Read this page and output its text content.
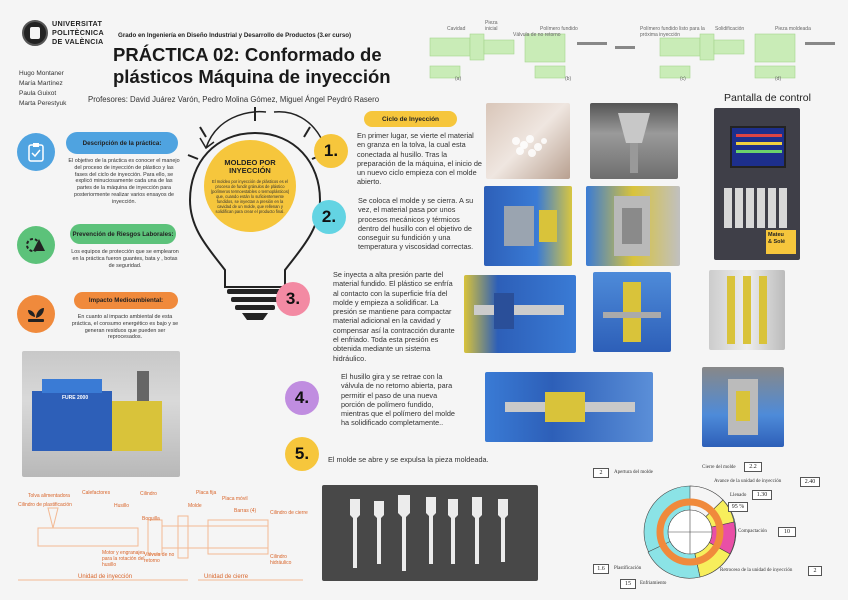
UNIVERSITAT
POLITÈCNICA
DE VALÈNCIA
Grado en Ingeniería en Diseño Industrial y Desarrollo de Productos (3.er curso)
PRÁCTICA 02: Conformado de plásticos Máquina de inyección
Hugo Montaner
María Martínez
Paula Guixot
Marta Perestyuk	Profesores: David Juárez Varón, Pedro Molina Gómez, Miguel Ángel Peydró Rasero
Cavidad
Pieza inicial
Válvula de no retorno
Polímero fundido	Polímero fundido listo para la próxima inyección
Solidificación	Pieza moldeada
(a)	(b)	(c)	(d)
Descripción de la práctica:
El objetivo de la práctica es conocer el manejo del proceso de inyección de plástico y las fases del ciclo de inyección. Para ello, se explicó minuciosamente cada una de las partes de la máquina de inyección para posteriormente realizar varios ensayos de inyección.
Prevención de Riesgos Laborales:
Los equipos de protección que se emplearon en la práctica fueron guantes, bata y , botas de seguridad.
Impacto Medioambiental:
En cuanto al impacto ambiental de esta práctica, el consumo energético es bajo y se generan residuos que pueden ser reprocesados.
MOLDEO POR INYECCIÓN
El moldeo por inyección de plásticos es el proceso de fundir gránulos de plástico (polímeros termoestables o termoplásticos) que, cuando están lo suficientemente fundidos, se inyectan a presión en la cavidad de un molde, que rellenan y solidifican para crear el producto final.
Ciclo de Inyección
1.
En primer lugar, se vierte el material en granza en la tolva, la cual esta conectada al husillo. Tras la preparación de la máquina, el inicio de un nuevo ciclo empieza con el molde abierto.
2.
Se coloca el molde y se cierra. A su vez, el material pasa por unos procesos mecánicos y térmicos dentro del husillo con el objetivo de conseguir su fundición y una temperatura y viscosidad correctas.
3.
Se inyecta a alta presión parte del material fundido. El plástico se enfría al contacto con la superficie fría del molde y empieza a solidificar. La presión se mantiene para compactar material adicional en la cavidad y compensar así la contracción durante el enfriado. Toda esta presión es obtenida mediante un sistema hidráulico.
4.
El husillo gira y se retrae con la válvula de no retorno abierta, para permitir el paso de una nueva porción de polímero fundido, mientras que el polímero del molde ha solidificado completamente..
5.	El molde se abre y se expulsa la pieza moldeada.
Pantalla de control
Mateu
& Solé
FURE 2000
Tolva alimentadora
Cilindro de plastificación
Calefactores
Husillo
Boquilla
Cilindro	Placa fija
Molde
Placa móvil
Barras (4)	Cilindro de cierre
Motor y engranajes para la rotación del husillo
Válvula de no retorno
Cilindro hidráulico
Unidad de inyección	Unidad de cierre
2	Apertura del molde
Cierre del molde	2.2
Avance de la unidad de inyección	2.40
Llenado	1.30
95 %
Compactación	10
Retroceso de la unidad de inyección	2
15	Enfriamiento
1.6	Plastificación
